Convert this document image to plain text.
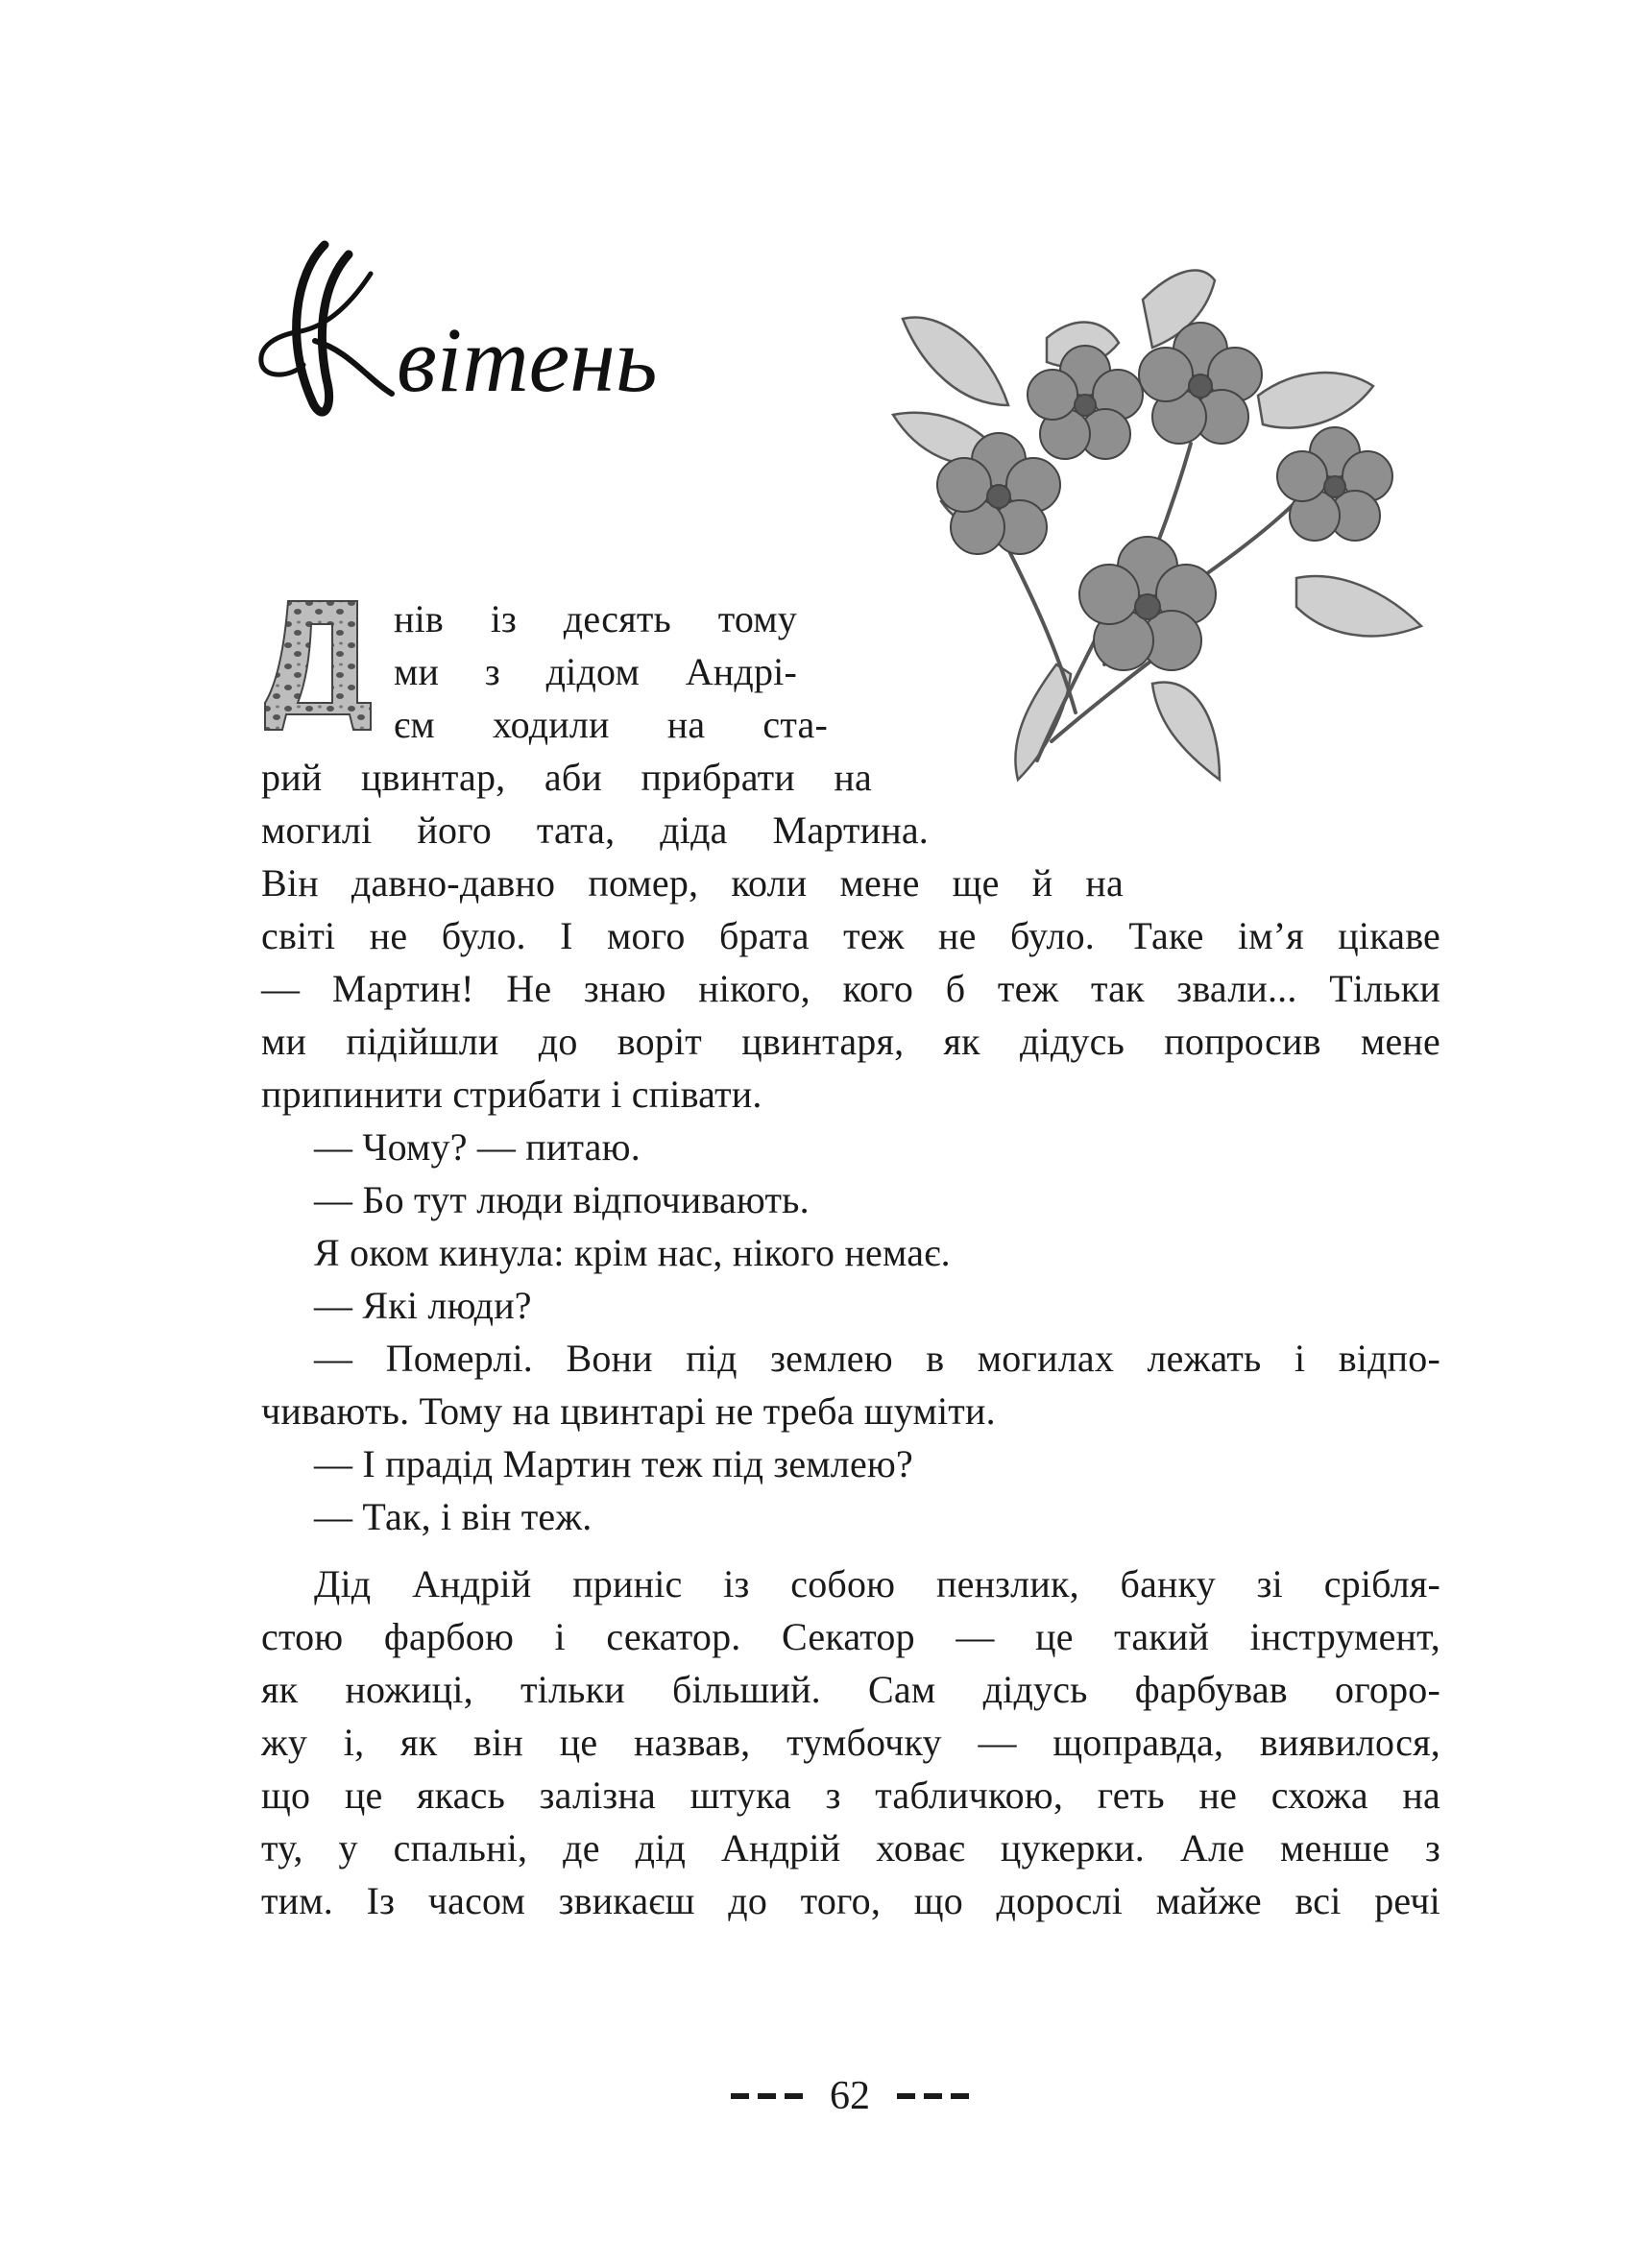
вітень
Д	нів із десять тому
ми з дідом Андрі-
єм ходили на ста-
рий цвинтар, аби прибрати на
могилі його тата, діда Мартина.
Він давно-давно помер, коли мене ще й на
світі не було. І мого брата теж не було. Таке ім’я цікаве
— Мартин! Не знаю нікого, кого б теж так звали... Тільки
ми підійшли до воріт цвинтаря, як дідусь попросив мене
припинити стрибати і співати.
— Чому? — питаю.
— Бо тут люди відпочивають.
Я оком кинула: крім нас, нікого немає.
— Які люди?
— Померлі. Вони під землею в могилах лежать і відпо-
чивають. Тому на цвинтарі не треба шуміти.
— І прадід Мартин теж під землею?
— Так, і він теж.
Дід Андрій приніс із собою пензлик, банку зі срібля-
стою фарбою і секатор. Секатор — це такий інструмент,
як ножиці, тільки більший. Сам дідусь фарбував огоро-
жу і, як він це назвав, тумбочку — щоправда, виявилося,
що це якась залізна штука з табличкою, геть не схожа на
ту, у спальні, де дід Андрій ховає цукерки. Але менше з
тим. Із часом звикаєш до того, що дорослі майже всі речі
62
